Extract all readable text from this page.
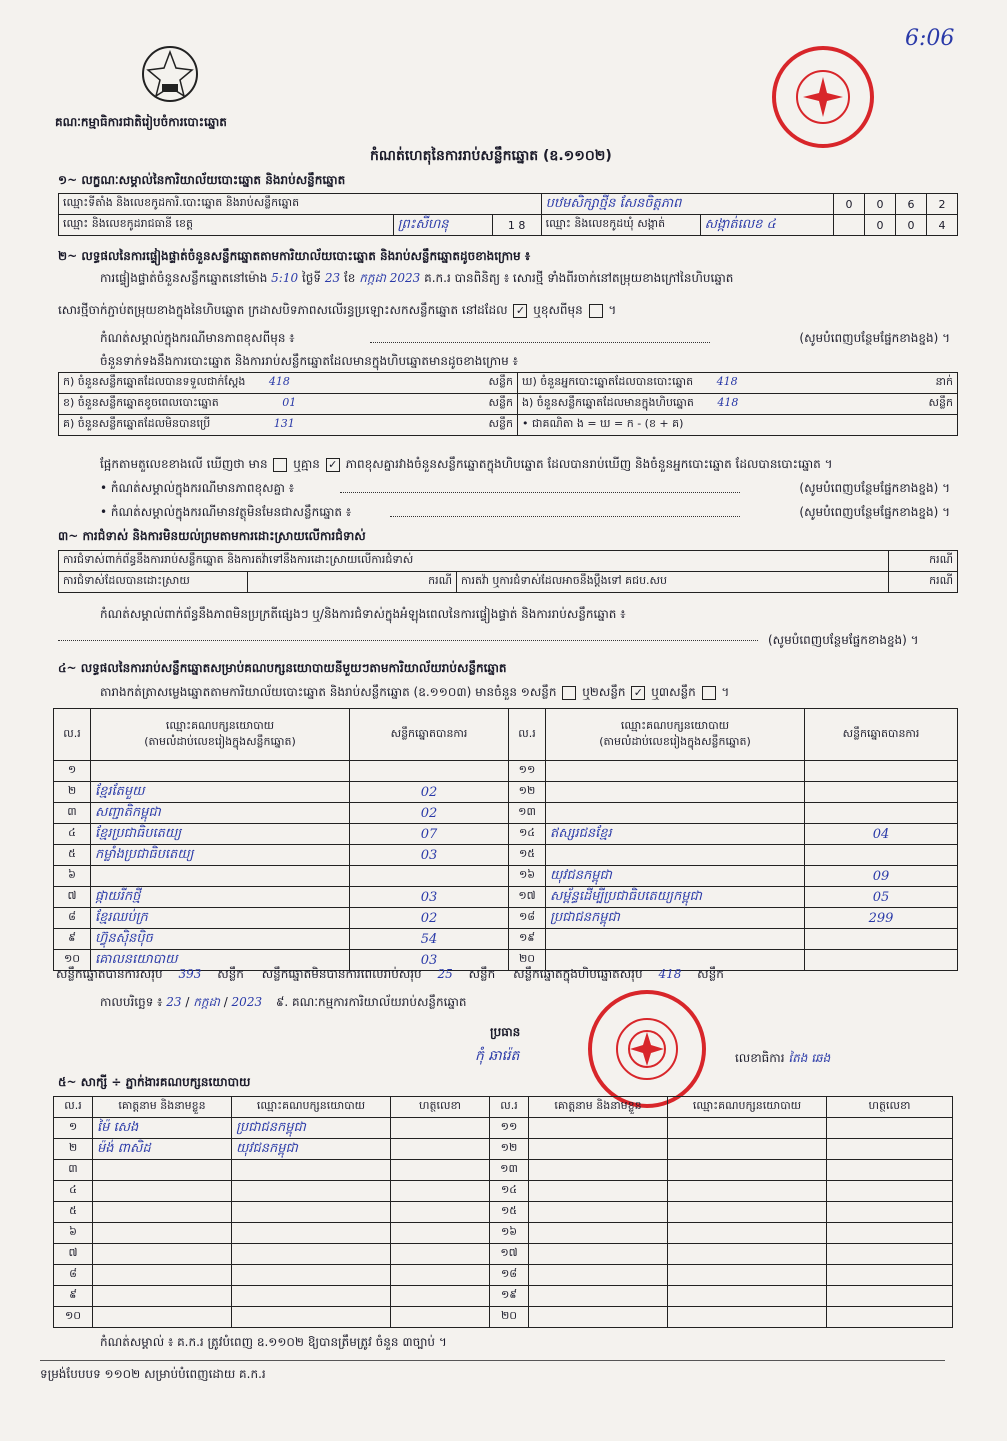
គណៈកម្មាធិការជាតិរៀបចំការបោះឆ្នោត
កំណត់ហេតុនៃការរាប់សន្លឹកឆ្នោត (ឧ.១១០២)
6:06
១~ លក្ខណៈសម្គាល់នៃការិយាល័យបោះឆ្នោត និងរាប់សន្លឹកឆ្នោត
ឈ្មោះទីតាំង និងលេខកូដការិ.បោះឆ្នោត និងរាប់សន្លឹកឆ្នោត			បឋមសិក្សាថ្មីន សែនចិត្តភាព		0	0	6	2
ឈ្មោះ និងលេខកូដរាជធានី ខេត្ត	ព្រះសីហនុ	1 8	ឈ្មោះ និងលេខកូដឃុំ សង្កាត់	សង្កាត់លេខ ៤		0	0	4
២~ លទ្ធផលនៃការផ្ទៀងផ្ទាត់ចំនួនសន្លឹកឆ្នោតតាមការិយាល័យបោះឆ្នោត និងរាប់សន្លឹកឆ្នោតដូចខាងក្រោម ៖
ការផ្ទៀងផ្ទាត់ចំនួនសន្លឹកឆ្នោតនៅម៉ោង 5:10 ថ្ងៃទី 23 ខែ កក្កដា 2023 គ.ក.រ បានពិនិត្យ ៖ សោរថ្មី ទាំងពីរចាក់នៅតម្រុយខាងក្រៅនៃហិបឆ្នោត
សោរថ្មីចាក់ភ្ជាប់តម្រុយខាងក្នុងនៃហិបឆ្នោត ក្រដាសបិទភាពសលើរន្ធប្រឡោះសកសន្លឹកឆ្នោត នៅដដែល ✓ ឬខុសពីមុន  ។
កំណត់សម្គាល់ក្នុងករណីមានភាពខុសពីមុន ៖	(សូមបំពេញបន្ថែមផ្នែកខាងខ្នង) ។
ចំនួនទាក់ទងនឹងការបោះឆ្នោត និងការរាប់សន្លឹកឆ្នោតដែលមានក្នុងហិបឆ្នោតមានដូចខាងក្រោម ៖
ក) ចំនួនសន្លឹកឆ្នោតដែលបានទទួលជាក់ស្តែង 418 សន្លឹក	ឃ) ចំនួនអ្នកបោះឆ្នោតដែលបានបោះឆ្នោត 418 នាក់

ខ) ចំនួនសន្លឹកឆ្នោតខូចពេលបោះឆ្នោត 01 សន្លឹក	ង) ចំនួនសន្លឹកឆ្នោតដែលមានក្នុងហិបឆ្នោត 418 សន្លឹក

គ) ចំនួនសន្លឹកឆ្នោតដែលមិនបានប្រើ 131 សន្លឹក	• ជាគណិតា ង = ឃ = ក - (ខ + គ)
ផ្អែកតាមតួលេខខាងលើ ឃើញថា មាន ឬគ្មាន ✓ ភាពខុសគ្នារវាងចំនួនសន្លឹកឆ្នោតក្នុងហិបឆ្នោត ដែលបានរាប់ឃើញ និងចំនួនអ្នកបោះឆ្នោត ដែលបានបោះឆ្នោត ។
• កំណត់សម្គាល់ក្នុងករណីមានភាពខុសគ្នា ៖	(សូមបំពេញបន្ថែមផ្នែកខាងខ្នង) ។
• កំណត់សម្គាល់ក្នុងករណីមានវត្ថុមិនមែនជាសន្លឹកឆ្នោត ៖	(សូមបំពេញបន្ថែមផ្នែកខាងខ្នង) ។
៣~ ការជំទាស់ និងការមិនយល់ព្រមតាមការដោះស្រាយលើការជំទាស់
ការជំទាស់ពាក់ព័ន្ធនឹងការរាប់សន្លឹកឆ្នោត និងការតវ៉ាទៅនឹងការដោះស្រាយលើការជំទាស់			ករណី
ការជំទាស់ដែលបានដោះស្រាយ	ករណី	ការតវ៉ា ឬការជំទាស់ដែលអាចនឹងប្ដឹងទៅ គជប.សប	ករណី
កំណត់សម្គាល់ពាក់ព័ន្ធនឹងភាពមិនប្រក្រតីផ្សេងៗ ឬ/និងការជំទាស់ក្នុងអំឡុងពេលនៃការផ្ទៀងផ្ទាត់ និងការរាប់សន្លឹកឆ្នោត ៖
(សូមបំពេញបន្ថែមផ្នែកខាងខ្នង) ។
៤~ លទ្ធផលនៃការរាប់សន្លឹកឆ្នោតសម្រាប់គណបក្សនយោបាយនីមួយៗតាមការិយាល័យរាប់សន្លឹកឆ្នោត
តារាងកត់ត្រាសម្លេងឆ្នោតតាមការិយាល័យបោះឆ្នោត និងរាប់សន្លឹកឆ្នោត (ឧ.១១០៣) មានចំនួន ១សន្លឹក ឬ២សន្លឹក ✓ ឬ៣សន្លឹក  ។
ល.រ	ឈ្មោះគណបក្សនយោបាយ
(តាមលំដាប់លេខរៀងក្នុងសន្លឹកឆ្នោត)	សន្លឹកឆ្នោតបានការ	ល.រ	ឈ្មោះគណបក្សនយោបាយ
(តាមលំដាប់លេខរៀងក្នុងសន្លឹកឆ្នោត)	សន្លឹកឆ្នោតបានការ
១			១១		
២	ខ្មែរតែមួយ	02	១២		
៣	សញ្ជាតិកម្ពុជា	02	១៣		
៤	ខ្មែរប្រជាធិបតេយ្យ	07	១៤	ឥស្សរជនខ្មែរ	04
៥	កម្លាំងប្រជាធិបតេយ្យ	03	១៥		
៦			១៦	យុវជនកម្ពុជា	09
៧	ផ្កាយរីកថ្មី	03	១៧	សម្ព័ន្ធដើម្បីប្រជាធិបតេយ្យកម្ពុជា	05
៨	ខ្មែរឈប់ក្រ	02	១៨	ប្រជាជនកម្ពុជា	299
៩	ហ៊្វុនស៊ិនប៉ិច	54	១៩		
១០	គោលនយោបាយ	03	២០		
សន្លឹកឆ្នោតបានការសរុប 393 សន្លឹក សន្លឹកឆ្នោតមិនបានការពេលរាប់សរុប 25 សន្លឹក សន្លឹកឆ្នោតក្នុងហិបឆ្នោតសរុប 418 សន្លឹក
កាលបរិច្ឆេទ ៖ 23 / កក្កដា / 2023 ៩. គណៈកម្មការការិយាល័យរាប់សន្លឹកឆ្នោត
ប្រធាន
កុំ ឆារ៉េត	លេខាធិការ តៃង ឆេង
៥~ សាក្សី ÷ ភ្នាក់ងារគណបក្សនយោបាយ
ល.រ	គោត្តនាម និងនាមខ្លួន	ឈ្មោះគណបក្សនយោបាយ	ហត្ថលេខា	ល.រ	គោត្តនាម និងនាមខ្លួន	ឈ្មោះគណបក្សនយោបាយ	ហត្ថលេខា
១	ម៉ៃ សេង	ប្រជាជនកម្ពុជា		១១			
២	ម៉ង់ ពាសិដ	យុវជនកម្ពុជា		១២			
៣				១៣			
៤				១៤			
៥				១៥			
៦				១៦			
៧				១៧			
៨				១៨			
៩				១៩			
១០				២០			
កំណត់សម្គាល់ ៖ គ.ក.រ ត្រូវបំពេញ ឧ.១១០២ ឱ្យបានត្រឹមត្រូវ ចំនួន ៣ច្បាប់ ។
ទម្រង់បែបបទ ១១០២ សម្រាប់បំពេញដោយ គ.ក.រ
